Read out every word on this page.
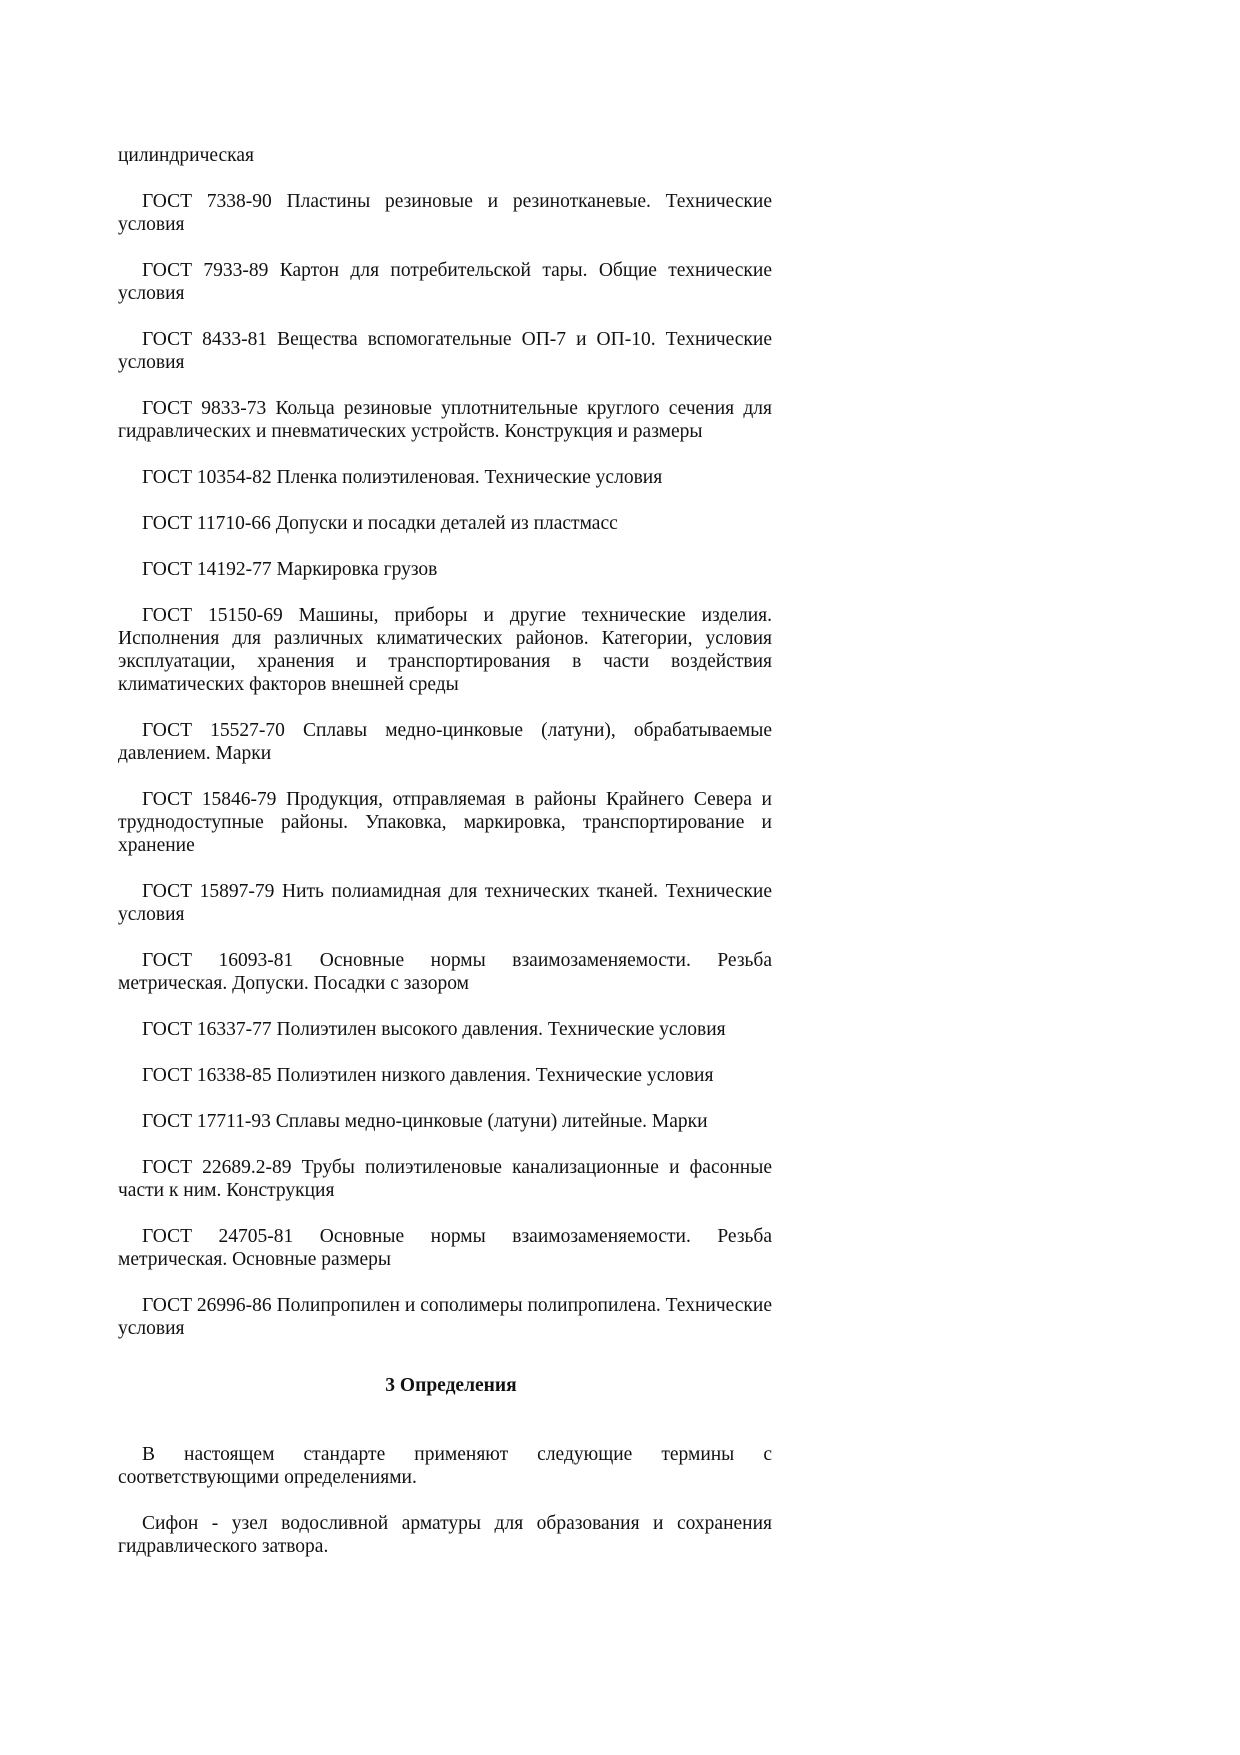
цилиндрическая

ГОСТ 7338-90 Пластины резиновые и резинотканевые. Технические условия

ГОСТ 7933-89 Картон для потребительской тары. Общие технические условия

ГОСТ 8433-81 Вещества вспомогательные ОП-7 и ОП-10. Технические условия

ГОСТ 9833-73 Кольца резиновые уплотнительные круглого сечения для гидравлических и пневматических устройств. Конструкция и размеры

ГОСТ 10354-82 Пленка полиэтиленовая. Технические условия

ГОСТ 11710-66 Допуски и посадки деталей из пластмасс

ГОСТ 14192-77 Маркировка грузов

ГОСТ 15150-69 Машины, приборы и другие технические изделия. Исполнения для различных климатических районов. Категории, условия эксплуатации, хранения и транспортирования в части воздействия климатических факторов внешней среды

ГОСТ 15527-70 Сплавы медно-цинковые (латуни), обрабатываемые давлением. Марки

ГОСТ 15846-79 Продукция, отправляемая в районы Крайнего Севера и труднодоступные районы. Упаковка, маркировка, транспортирование и хранение

ГОСТ 15897-79 Нить полиамидная для технических тканей. Технические условия

ГОСТ 16093-81 Основные нормы взаимозаменяемости. Резьба метрическая. Допуски. Посадки с зазором

ГОСТ 16337-77 Полиэтилен высокого давления. Технические условия

ГОСТ 16338-85 Полиэтилен низкого давления. Технические условия

ГОСТ 17711-93 Сплавы медно-цинковые (латуни) литейные. Марки

ГОСТ 22689.2-89 Трубы полиэтиленовые канализационные и фасонные части к ним. Конструкция

ГОСТ 24705-81 Основные нормы взаимозаменяемости. Резьба метрическая. Основные размеры

ГОСТ 26996-86 Полипропилен и сополимеры полипропилена. Технические условия

3 Определения

В настоящем стандарте применяют следующие термины с соответствующими определениями.

Сифон - узел водосливной арматуры для образования и сохранения гидравлического затвора.
